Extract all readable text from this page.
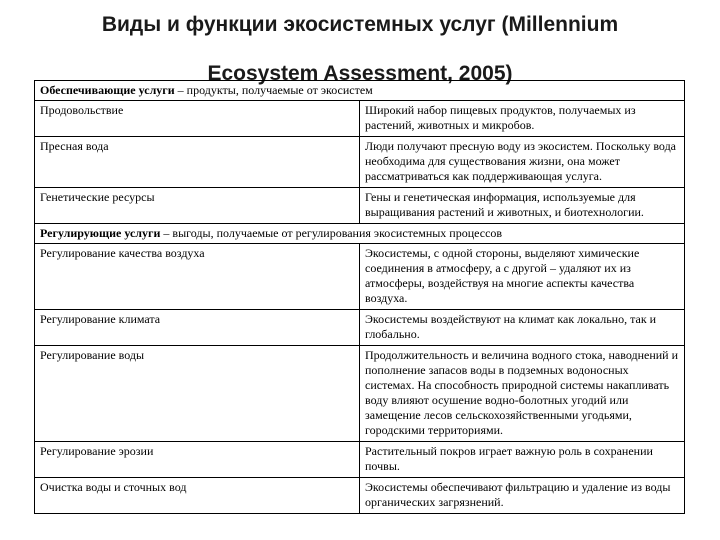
Виды и функции экосистемных услуг (Millennium
Ecosystem Assessment, 2005)
Обеспечивающие услуги – продукты, получаемые от экосистем	
Продовольствие	Широкий набор пищевых продуктов, получаемых из растений, животных и микробов.
Пресная вода	Люди получают пресную воду из экосистем. Поскольку вода необходима для существования жизни, она может рассматриваться как поддерживающая услуга.
Генетические ресурсы	Гены и генетическая информация, используемые для выращивания растений и животных, и биотехнологии.
Регулирующие услуги – выгоды, получаемые от регулирования экосистемных процессов	
Регулирование качества воздуха	Экосистемы, с одной стороны, выделяют химические соединения в атмосферу, а с другой – удаляют их из атмосферы, воздействуя на многие аспекты качества воздуха.
Регулирование климата	Экосистемы воздействуют на климат как локально, так и глобально.
Регулирование воды	Продолжительность и величина водного стока, наводнений и пополнение запасов воды в подземных водоносных системах. На способность природной системы накапливать воду влияют осушение водно-болотных угодий или замещение лесов сельскохозяйственными угодьями, городскими территориями.
Регулирование эрозии	Растительный покров играет важную роль в сохранении почвы.
Очистка воды и сточных вод	Экосистемы обеспечивают фильтрацию и удаление из воды органических загрязнений.
